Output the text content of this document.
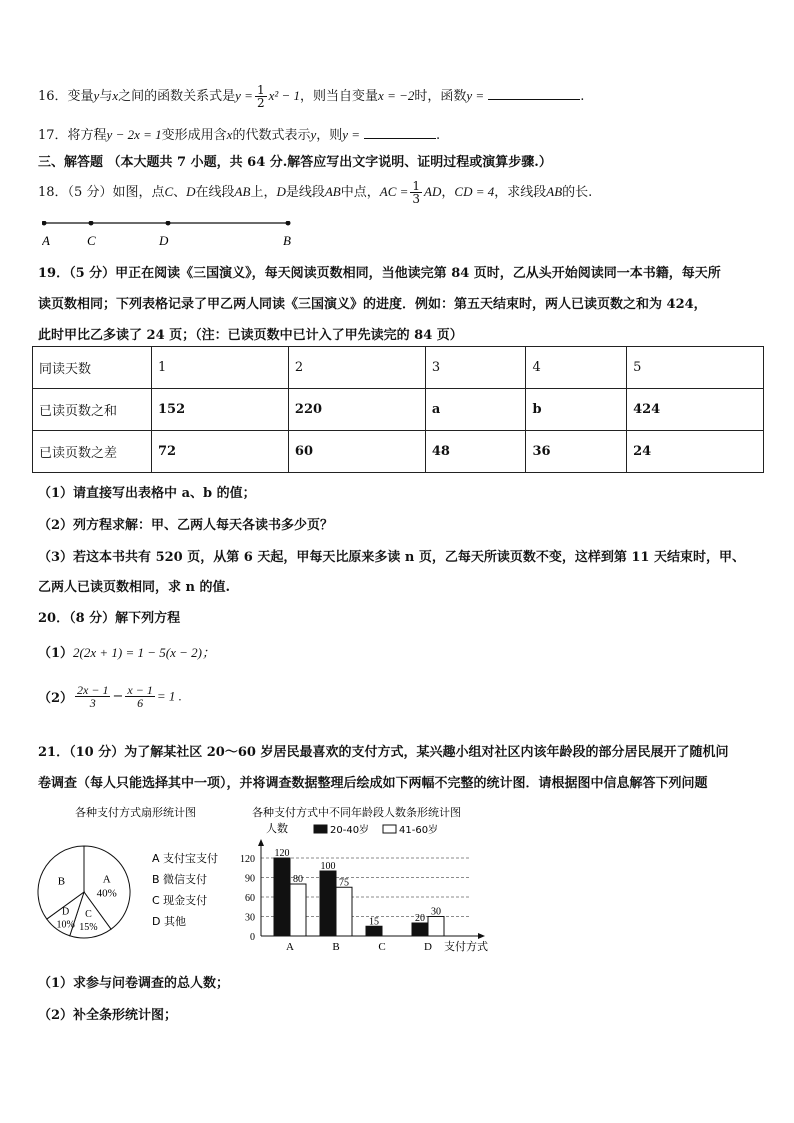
16．变量y与x之间的函数关系式是$y = \frac{1}{2} x^2 - 1$，则当自变量x = −2时，函数y =	.
17．将方程y − 2x = 1变形成用含x的代数式表示y，则y =	.
三、解答题 （本大题共 7 小题，共 64 分.解答应写出文字说明、证明过程或演算步骤.）
18．（5 分）如图，点C、D在线段AB上，D是线段AB中点，AC = $\frac{1}{3}$ AD，CD = 4，求线段AB的长.
A	C	D	B
19．（5 分）甲正在阅读《三国演义》，每天阅读页数相同，当他读完第 84 页时，乙从头开始阅读同一本书籍，每天所
读页数相同；下列表格记录了甲乙两人同读《三国演义》的进度．例如：第五天结束时，两人已读页数之和为 424，
此时甲比乙多读了 24 页；（注：已读页数中已计入了甲先读完的 84 页）
同读天数	1	2	3	4	5
已读页数之和	152	220	a	b	424
已读页数之差	72	60	48	36	24
（1）请直接写出表格中 a、b 的值；
（2）列方程求解：甲、乙两人每天各读书多少页？
（3）若这本书共有 520 页，从第 6 天起，甲每天比原来多读 n 页，乙每天所读页数不变，这样到第 11 天结束时，甲、
乙两人已读页数相同，求 n 的值.
20．（8 分）解下列方程
（1）2(2x + 1) = 1 − 5(x − 2)；
$(2) \frac{2x - 1}{3} - \frac{x - 1}{6} = 1$ .
21．（10 分）为了解某社区 20～60 岁居民最喜欢的支付方式，某兴趣小组对社区内该年龄段的部分居民展开了随机问
卷调查（每人只能选择其中一项），并将调查数据整理后绘成如下两幅不完整的统计图．请根据图中信息解答下列问题
各种支付方式扇形统计图
A
40%
B
C
15%
D
10%
A 支付宝支付
B 微信支付
C 现金支付
D 其他
各种支付方式中不同年龄段人数条形统计图
人数	20-40岁	41-60岁
支付方式
0
30
60
90
120
A
120
80
B
100
75
C
15
D
20
30
（1）求参与问卷调查的总人数；
（2）补全条形统计图；
